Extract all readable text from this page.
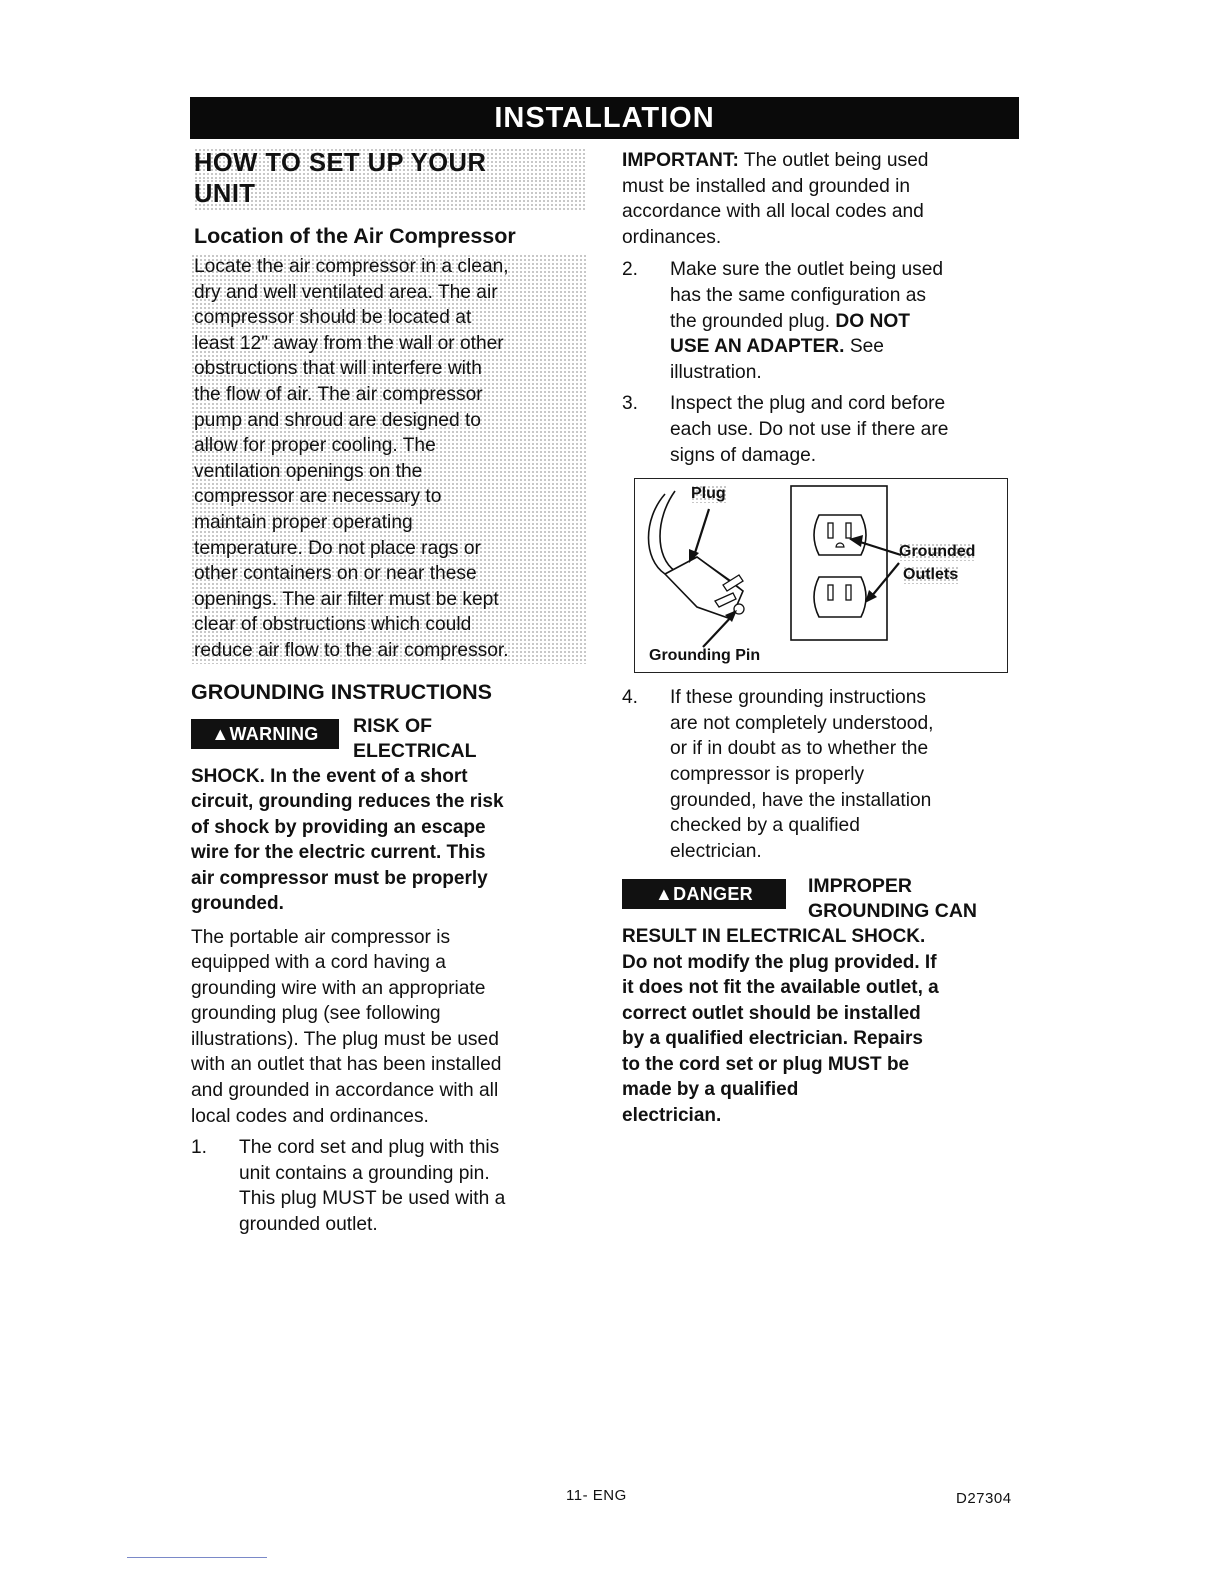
INSTALLATION
HOW TO SET UP YOUR
UNIT
Location of the Air Compressor
Locate the air compressor in a clean,
dry and well ventilated area. The air
compressor should be located at
least 12" away from the wall or other
obstructions that will interfere with
the flow of air. The air compressor
pump and shroud are designed to
allow for proper cooling. The
ventilation openings on the
compressor are necessary to
maintain proper operating
temperature. Do not place rags or
other containers on or near these
openings. The air filter must be kept
clear of obstructions which could
reduce air flow to the air compressor.
GROUNDING INSTRUCTIONS
▲WARNING	RISK OF
ELECTRICAL
SHOCK. In the event of a short
circuit, grounding reduces the risk
of shock by providing an escape
wire for the electric current. This
air compressor must be properly
grounded.
The portable air compressor is
equipped with a cord having a
grounding wire with an appropriate
grounding plug (see following
illustrations). The plug must be used
with an outlet that has been installed
and grounded in accordance with all
local codes and ordinances.
1.	The cord set and plug with this
unit contains a grounding pin.
This plug MUST be used with a
grounded outlet.
IMPORTANT: The outlet being used
must be installed and grounded in
accordance with all local codes and
ordinances.
2.	Make sure the outlet being used
has the same configuration as
the grounded plug. DO NOT
USE AN ADAPTER. See
illustration.
3.	Inspect the plug and cord before
each use. Do not use if there are
signs of damage.
Plug
Grounded
Outlets
Grounding Pin
4.	If these grounding instructions
are not completely understood,
or if in doubt as to whether the
compressor is properly
grounded, have the installation
checked by a qualified
electrician.
▲DANGER	IMPROPER
GROUNDING CAN
RESULT IN ELECTRICAL SHOCK.
Do not modify the plug provided. If
it does not fit the available outlet, a
correct outlet should be installed
by a qualified electrician. Repairs
to the cord set or plug MUST be
made by a qualified
electrician.
11- ENG	D27304
